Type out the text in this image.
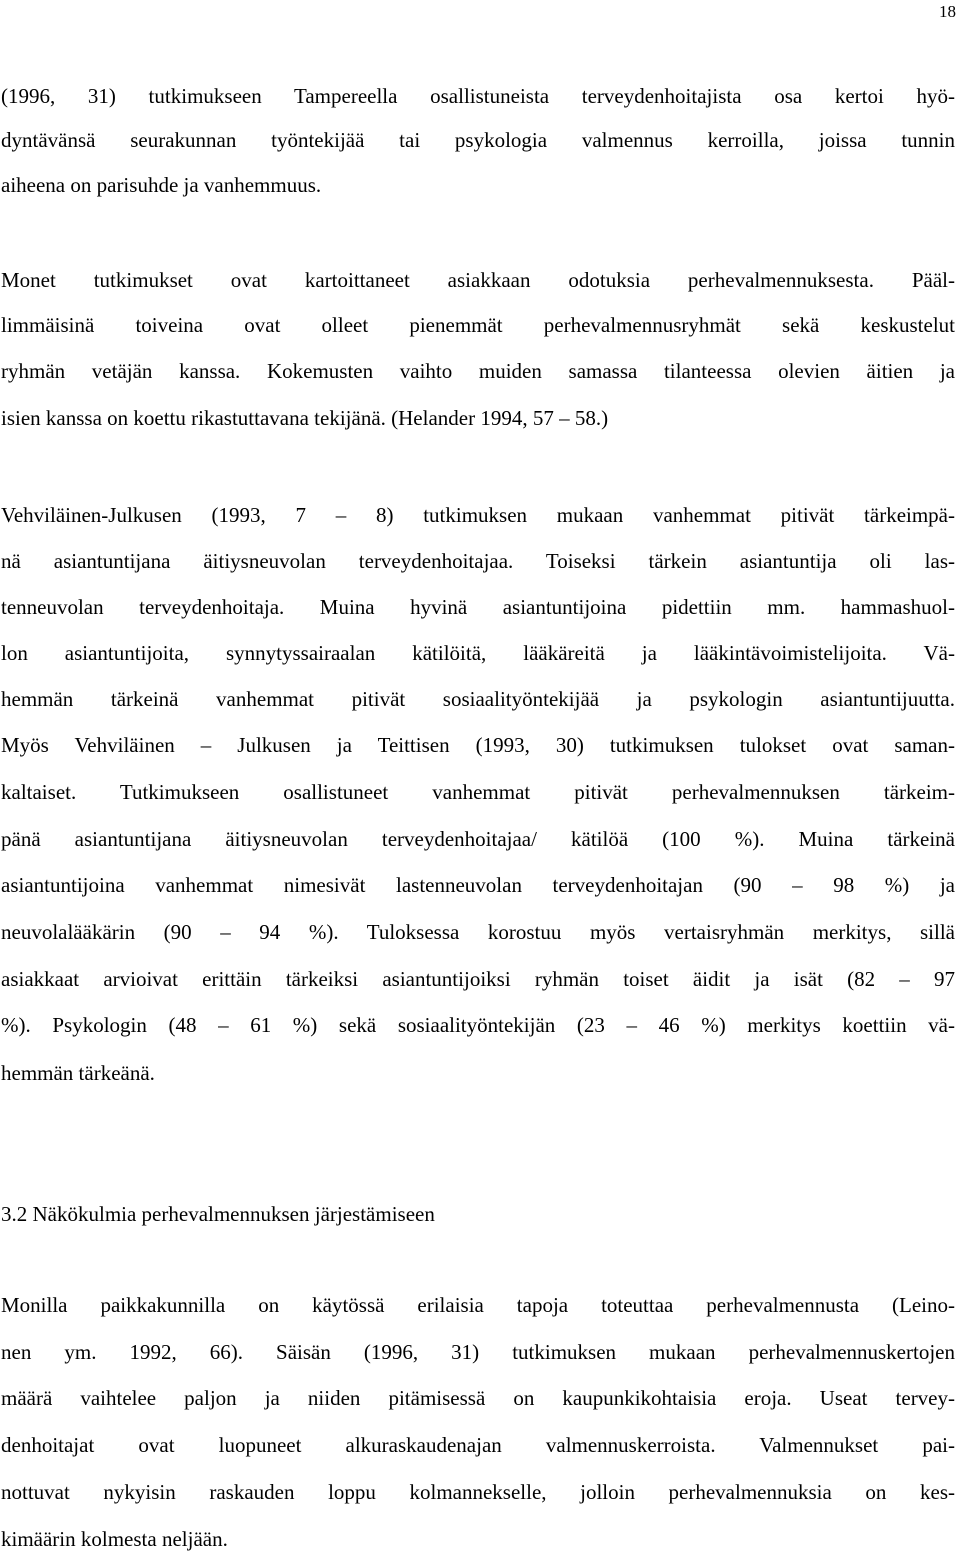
18
(1996, 31) tutkimukseen Tampereella osallistuneista terveydenhoitajista osa kertoi hyö-
dyntävänsä seurakunnan työntekijää tai psykologia valmennus kerroilla, joissa tunnin
aiheena on parisuhde ja vanhemmuus.
Monet tutkimukset ovat kartoittaneet asiakkaan odotuksia perhevalmennuksesta. Pääl-
limmäisinä toiveina ovat olleet pienemmät perhevalmennusryhmät sekä keskustelut
ryhmän vetäjän kanssa. Kokemusten vaihto muiden samassa tilanteessa olevien äitien ja
isien kanssa on koettu rikastuttavana tekijänä. (Helander 1994, 57 – 58.)
Vehviläinen-Julkusen (1993, 7 – 8) tutkimuksen mukaan vanhemmat pitivät tärkeimpä-
nä asiantuntijana äitiysneuvolan terveydenhoitajaa. Toiseksi tärkein asiantuntija oli las-
tenneuvolan terveydenhoitaja. Muina hyvinä asiantuntijoina pidettiin mm. hammashuol-
lon asiantuntijoita, synnytyssairaalan kätilöitä, lääkäreitä ja lääkintävoimistelijoita. Vä-
hemmän tärkeinä vanhemmat pitivät sosiaalityöntekijää ja psykologin asiantuntijuutta.
Myös Vehviläinen – Julkusen ja Teittisen (1993, 30) tutkimuksen tulokset ovat saman-
kaltaiset. Tutkimukseen osallistuneet vanhemmat pitivät perhevalmennuksen tärkeim-
pänä asiantuntijana äitiysneuvolan terveydenhoitajaa/ kätilöä (100 %). Muina tärkeinä
asiantuntijoina vanhemmat nimesivät lastenneuvolan terveydenhoitajan (90 – 98 %) ja
neuvolalääkärin (90 – 94 %). Tuloksessa korostuu myös vertaisryhmän merkitys, sillä
asiakkaat arvioivat erittäin tärkeiksi asiantuntijoiksi ryhmän toiset äidit ja isät (82 – 97
%). Psykologin (48 – 61 %) sekä sosiaalityöntekijän (23 – 46 %) merkitys koettiin vä-
hemmän tärkeänä.
3.2 Näkökulmia perhevalmennuksen järjestämiseen
Monilla paikkakunnilla on käytössä erilaisia tapoja toteuttaa perhevalmennusta (Leino-
nen ym. 1992, 66). Säisän (1996, 31) tutkimuksen mukaan perhevalmennuskertojen
määrä vaihtelee paljon ja niiden pitämisessä on kaupunkikohtaisia eroja. Useat tervey-
denhoitajat ovat luopuneet alkuraskaudenajan valmennuskerroista. Valmennukset pai-
nottuvat nykyisin raskauden loppu kolmannekselle, jolloin perhevalmennuksia on kes-
kimäärin kolmesta neljään.
